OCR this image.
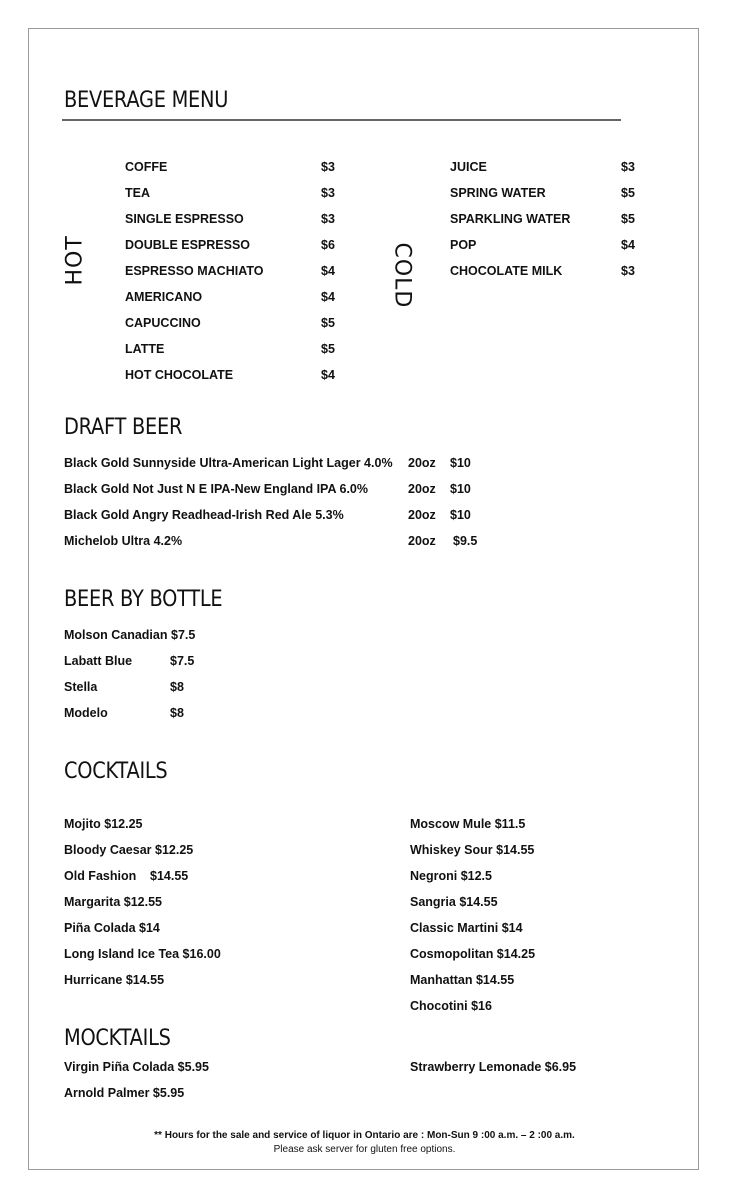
BEVERAGE MENU
HOT
COFFE	$3
TEA	$3
SINGLE ESPRESSO	$3
DOUBLE ESPRESSO	$6
ESPRESSO MACHIATO	$4
AMERICANO	$4
CAPUCCINO	$5
LATTE	$5
HOT CHOCOLATE	$4
COLD
JUICE	$3
SPRING WATER	$5
SPARKLING WATER	$5
POP	$4
CHOCOLATE MILK	$3
DRAFT BEER
Black Gold Sunnyside Ultra-American Light Lager 4.0% 20oz $10
Black Gold Not Just N E IPA-New England IPA 6.0%	20oz $10
Black Gold Angry Readhead-Irish Red Ale 5.3%	20oz $10
Michelob Ultra 4.2%	20oz $9.5
BEER BY BOTTLE
Molson Canadian $7.5
Labatt Blue	$7.5
Stella	$8
Modelo	$8
COCKTAILS
Mojito $12.25
Bloody Caesar $12.25
Old Fashion $14.55
Margarita $12.55
Piña Colada $14
Long Island Ice Tea $16.00
Hurricane $14.55
Moscow Mule $11.5
Whiskey Sour $14.55
Negroni $12.5
Sangria $14.55
Classic Martini $14
Cosmopolitan $14.25
Manhattan $14.55
Chocotini $16
MOCKTAILS
Virgin Piña Colada $5.95
Arnold Palmer $5.95
Strawberry Lemonade $6.95
** Hours for the sale and service of liquor in Ontario are : Mon-Sun 9 :00 a.m. – 2 :00 a.m.
Please ask server for gluten free options.
